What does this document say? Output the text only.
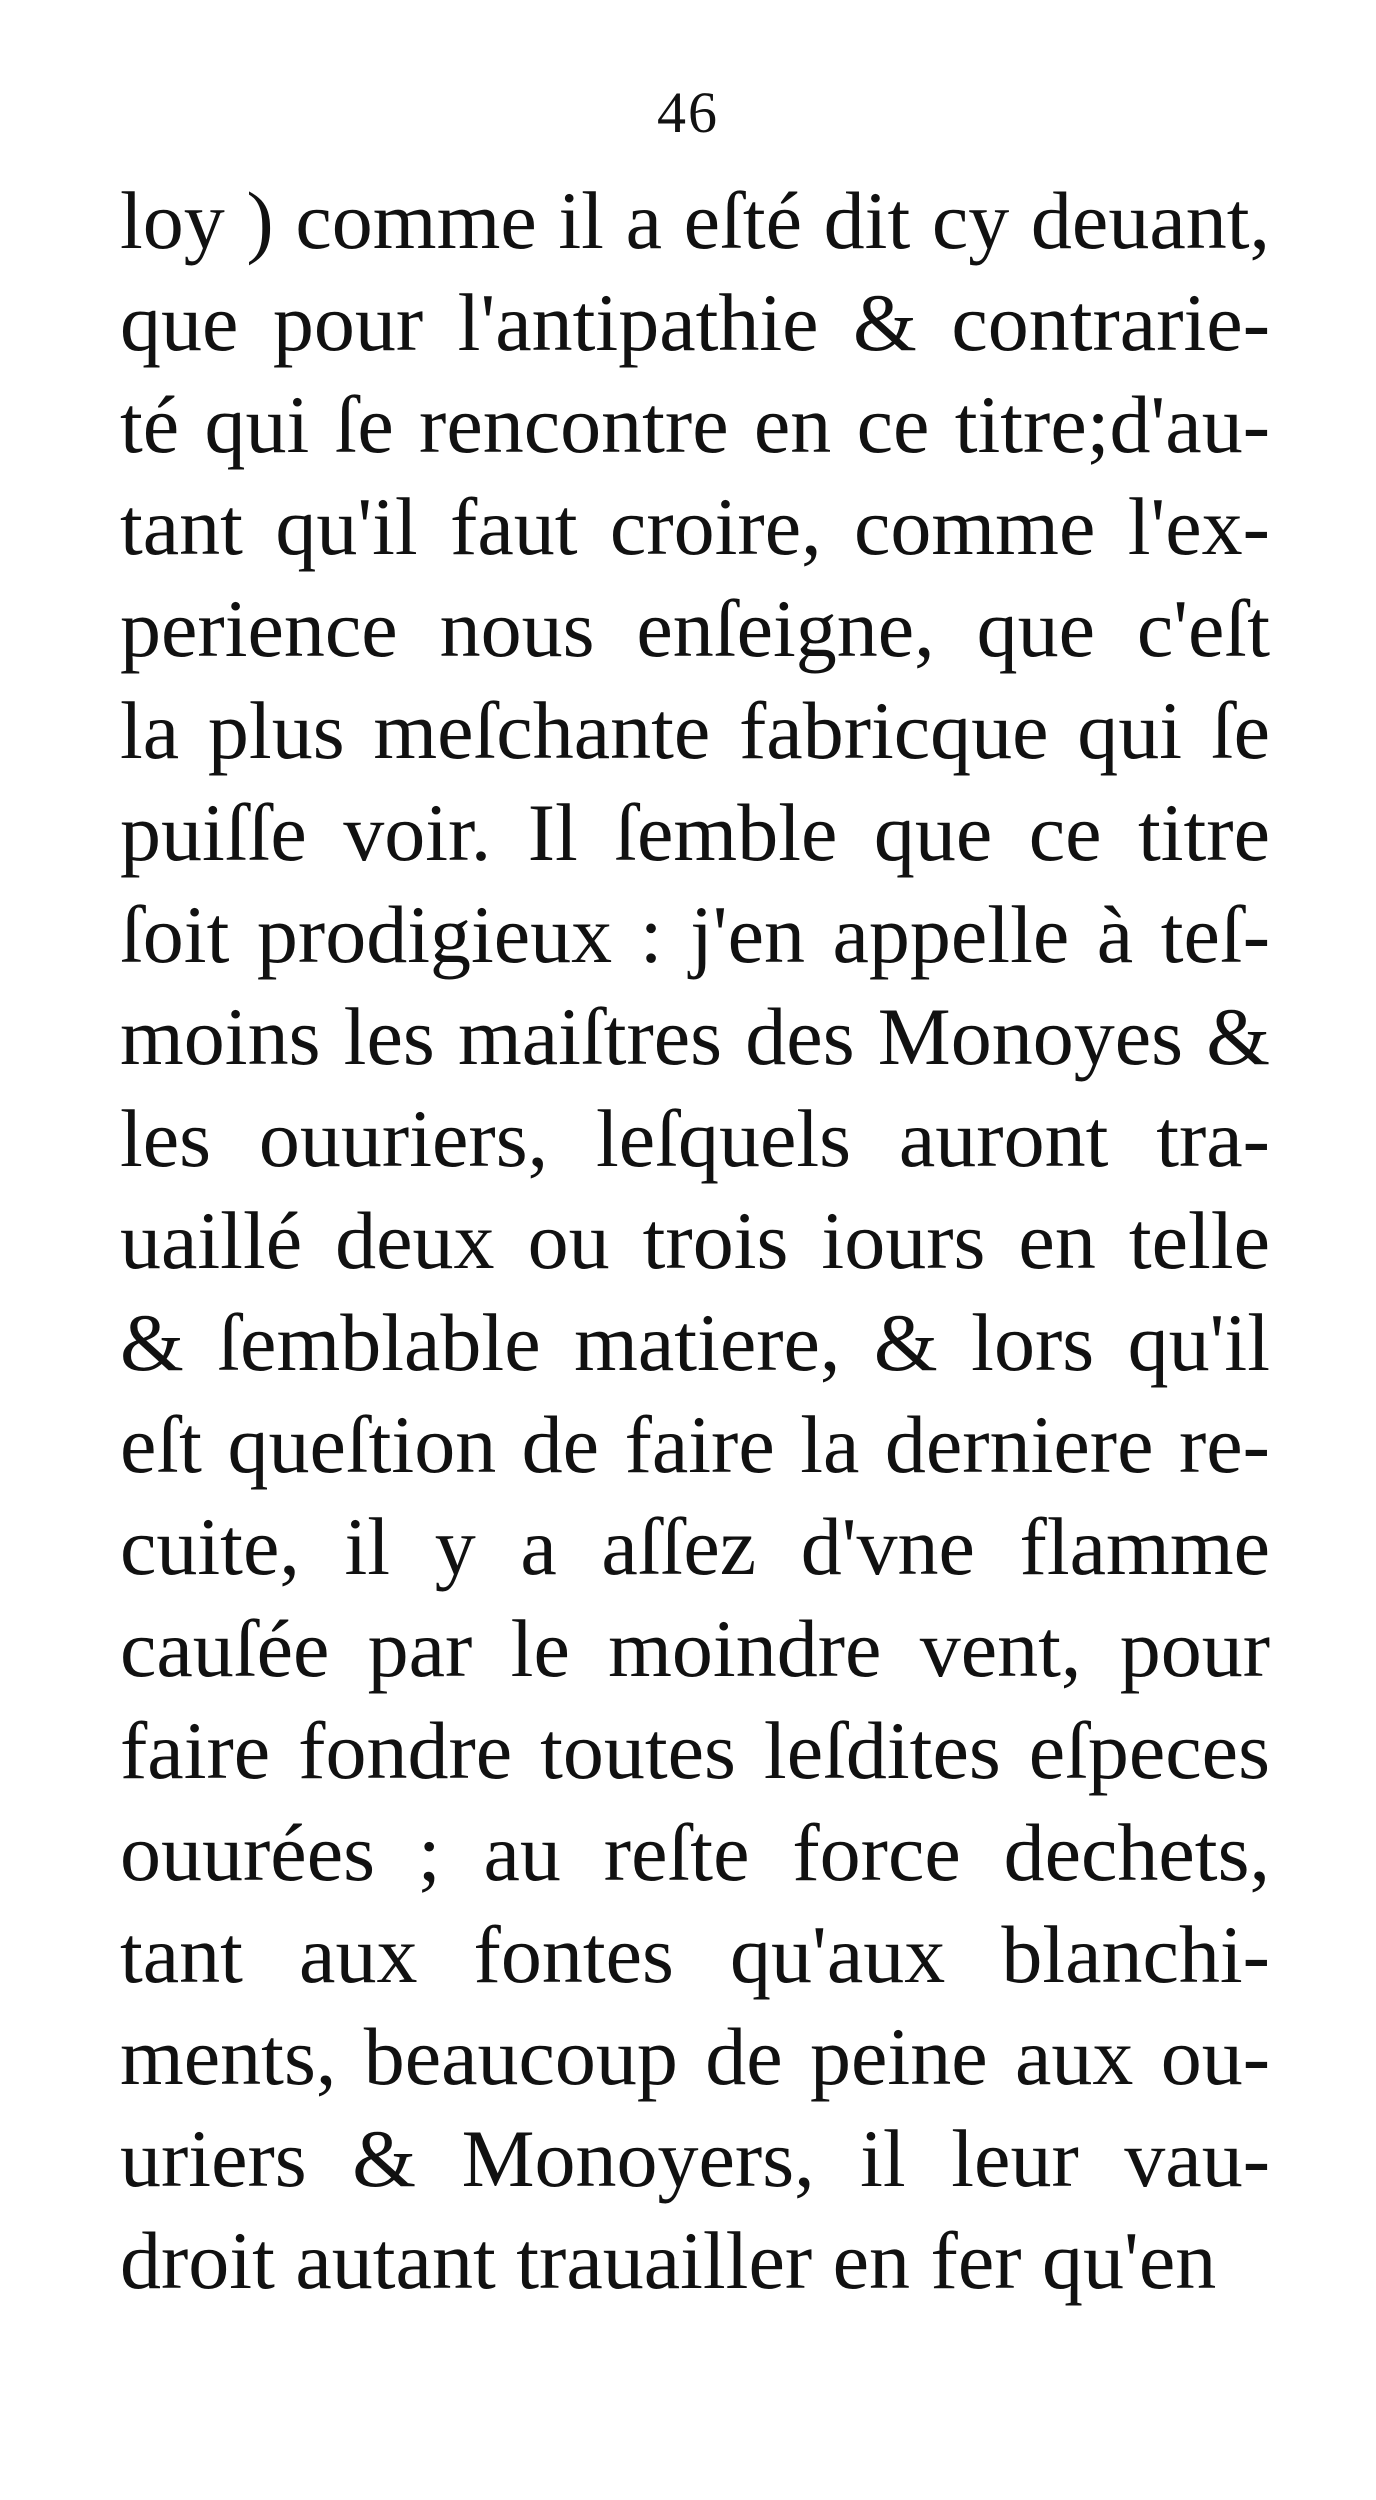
46
loy ) comme il a eſté dit cy deuant,
que pour l'antipathie & contrarie-
té qui ſe rencontre en ce titre;d'au-
tant qu'il faut croire, comme l'ex-
perience nous enſeigne, que c'eſt
la plus meſchante fabricque qui ſe
puiſſe voir. Il ſemble que ce titre
ſoit prodigieux : j'en appelle à teſ-
moins les maiſtres des Monoyes &
les ouuriers, leſquels auront tra-
uaillé deux ou trois iours en telle
& ſemblable matiere, & lors qu'il
eſt queſtion de faire la derniere re-
cuite, il y a aſſez d'vne flamme
cauſée par le moindre vent, pour
faire fondre toutes leſdites eſpeces
ouurées ; au reſte force dechets,
tant aux fontes qu'aux blanchi-
ments, beaucoup de peine aux ou-
uriers & Monoyers, il leur vau-
droit autant trauailler en fer qu'en
